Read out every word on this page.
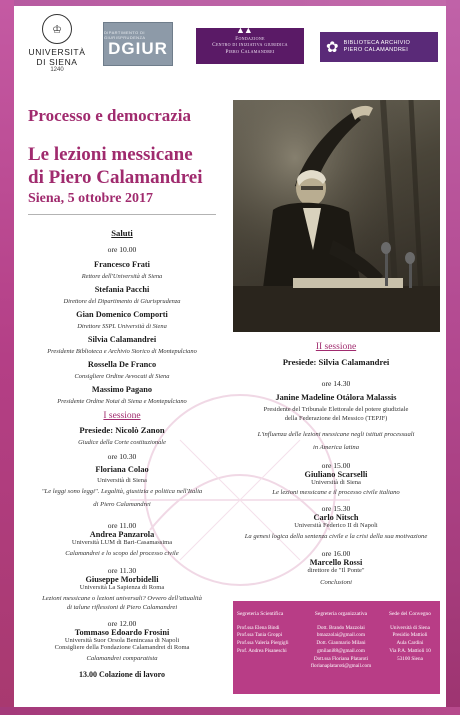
♔
UNIVERSITÀ
DI SIENA
1240
DIPARTIMENTO DI GIURISPRUDENZA
DGIUR
▲▲
Fondazione
Centro di iniziativa giuridica
Piero Calamandrei	✿ BIBLIOTECA ARCHIVIO
PIERO CALAMANDREI
Processo e democrazia
Le lezioni messicane
di Piero Calamandrei
Siena, 5 ottobre 2017
Saluti
ore 10.00
Francesco Frati
Rettore dell'Università di Siena
Stefania Pacchi
Direttore del Dipartimento di Giurisprudenza
Gian Domenico Comporti
Direttore SSPL Università di Siena
Silvia Calamandrei
Presidente Biblioteca e Archivio Storico di Montepulciano
Rossella De Franco
Consigliere Ordine Avvocati di Siena
Massimo Pagano
Presidente Ordine Notai di Siena e Montepulciano
I sessione
Presiede: Nicolò Zanon
Giudice della Corte costituzionale
ore 10.30
Floriana Colao
Università di Siena
"Le leggi sono leggi". Legalità, giustizia e politica nell'Italia
di Piero Calamandrei
ore 11.00
Andrea Panzarola
Università LUM di Bari-Casamassima
Calamandrei e lo scopo del processo civile
ore 11.30
Giuseppe Morbidelli
Università La Sapienza di Roma
Lezioni messicane o lezioni universali? Ovvero dell'attualità
di talune riflessioni di Piero Calamandrei
ore 12.00
Tommaso Edoardo Frosini
Università Suor Orsola Benincasa di Napoli
Consigliere della Fondazione Calamandrei di Roma
Calamandrei comparatista
13.00 Colazione di lavoro
II sessione
Presiede: Silvia Calamandrei
ore 14.30
Janine Madeline Otálora Malassis
Presidente del Tribunale Elettorale del potere giudiziale
della Federazione del Messico (TEPJF)
L'influenza delle lezioni messicane negli istituti processuali
in America latina
ore 15.00
Giuliano Scarselli
Università di Siena
Le lezioni messicane e il processo civile italiano
ore 15.30
Carlo Nitsch
Università Federico II di Napoli
La genesi logica della sentenza civile e la crisi della sua motivazione
ore 16.00
Marcello Rossi
direttore de "Il Ponte"
Conclusioni
Segreteria Scientifica
Prof.ssa Elena Bindi
Prof.ssa Tania Groppi
Prof.ssa Valeria Piergigli
Prof. Andrea Pisaneschi
Segreteria organizzativa
Dott. Brando Mazzolai
bmazzolai@gmail.com
Dott. Gianmario Milani
gmilani88@gmail.com
Dott.ssa Floriana Plataroti
florianaplataroti@gmail.com
Sede del Convegno
Università di Siena
Presidio Mattioli
Aula Cardini
Via P.A. Mattioli 10
53100 Siena
